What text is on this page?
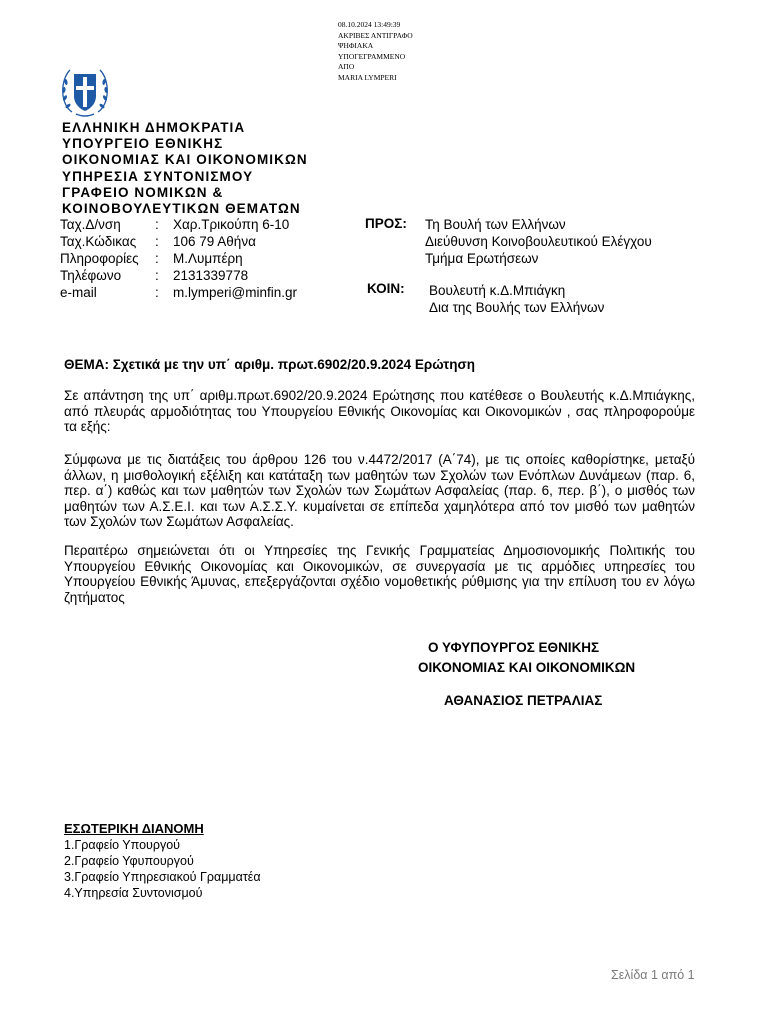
08.10.2024 13:49:39
ΑΚΡΙΒΕΣ ΑΝΤΙΓΡΑΦΟ
ΨΗΦΙΑΚΑ
ΥΠΟΓΕΓΡΑΜΜΕΝΟ
ΑΠΟ
MARIA LYMPERI
ΕΛΛΗΝΙΚΗ ΔΗΜΟΚΡΑΤΙΑ
ΥΠΟΥΡΓΕΙΟ ΕΘΝΙΚΗΣ
ΟΙΚΟΝΟΜΙΑΣ ΚΑΙ ΟΙΚΟΝΟΜΙΚΩΝ
ΥΠΗΡΕΣΙΑ ΣΥΝΤΟΝΙΣΜΟΥ
ΓΡΑΦΕΙΟ ΝΟΜΙΚΩΝ &
ΚΟΙΝΟΒΟΥΛΕΥΤΙΚΩΝ ΘΕΜΑΤΩΝ
Ταχ.Δ/νση	:	Χαρ.Τρικούπη 6-10
Ταχ.Κώδικας	:	106 79 Αθήνα
Πληροφορίες	:	Μ.Λυμπέρη
Τηλέφωνο	:	2131339778
e-mail	:	m.lymperi@minfin.gr
ΠΡΟΣ: Τη Βουλή των Ελλήνων
Διεύθυνση Κοινοβουλευτικού Ελέγχου
Τμήμα Ερωτήσεων
ΚΟΙΝ: Βουλευτή κ.Δ.Μπιάγκη
Δια της Βουλής των Ελλήνων
ΘΕΜΑ: Σχετικά με την υπ΄ αριθμ. πρωτ.6902/20.9.2024 Ερώτηση

Σε απάντηση της υπ΄ αριθμ.πρωτ.6902/20.9.2024 Ερώτησης που κατέθεσε ο Βουλευτής κ.Δ.Μπιάγκης, από πλευράς αρμοδιότητας του Υπουργείου Εθνικής Οικονομίας και Οικονομικών , σας πληροφορούμε τα εξής:

Σύμφωνα με τις διατάξεις του άρθρου 126 του ν.4472/2017 (Α΄74), με τις οποίες καθορίστηκε, μεταξύ άλλων, η μισθολογική εξέλιξη και κατάταξη των μαθητών των Σχολών των Ενόπλων Δυνάμεων (παρ. 6, περ. α΄) καθώς και των μαθητών των Σχολών των Σωμάτων Ασφαλείας (παρ. 6, περ. β΄), ο μισθός των μαθητών των Α.Σ.Ε.Ι. και των Α.Σ.Σ.Υ. κυμαίνεται σε επίπεδα χαμηλότερα από τον μισθό των μαθητών των Σχολών των Σωμάτων Ασφαλείας.

Περαιτέρω σημειώνεται ότι οι Υπηρεσίες της Γενικής Γραμματείας Δημοσιονομικής Πολιτικής του Υπουργείου Εθνικής Οικονομίας και Οικονομικών, σε συνεργασία με τις αρμόδιες υπηρεσίες του Υπουργείου Εθνικής Άμυνας, επεξεργάζονται σχέδιο νομοθετικής ρύθμισης για την επίλυση του εν λόγω ζητήματος

Ο ΥΦΥΠΟΥΡΓΟΣ ΕΘΝΙΚΗΣ
ΟΙΚΟΝΟΜΙΑΣ ΚΑΙ ΟΙΚΟΝΟΜΙΚΩΝ
ΑΘΑΝΑΣΙΟΣ ΠΕΤΡΑΛΙΑΣ
ΕΣΩΤΕΡΙΚΗ ΔΙΑΝΟΜΗ
1.Γραφείο Υπουργού
2.Γραφείο Υφυπουργού
3.Γραφείο Υπηρεσιακού Γραμματέα
4.Υπηρεσία Συντονισμού
Σελίδα 1 από 1
